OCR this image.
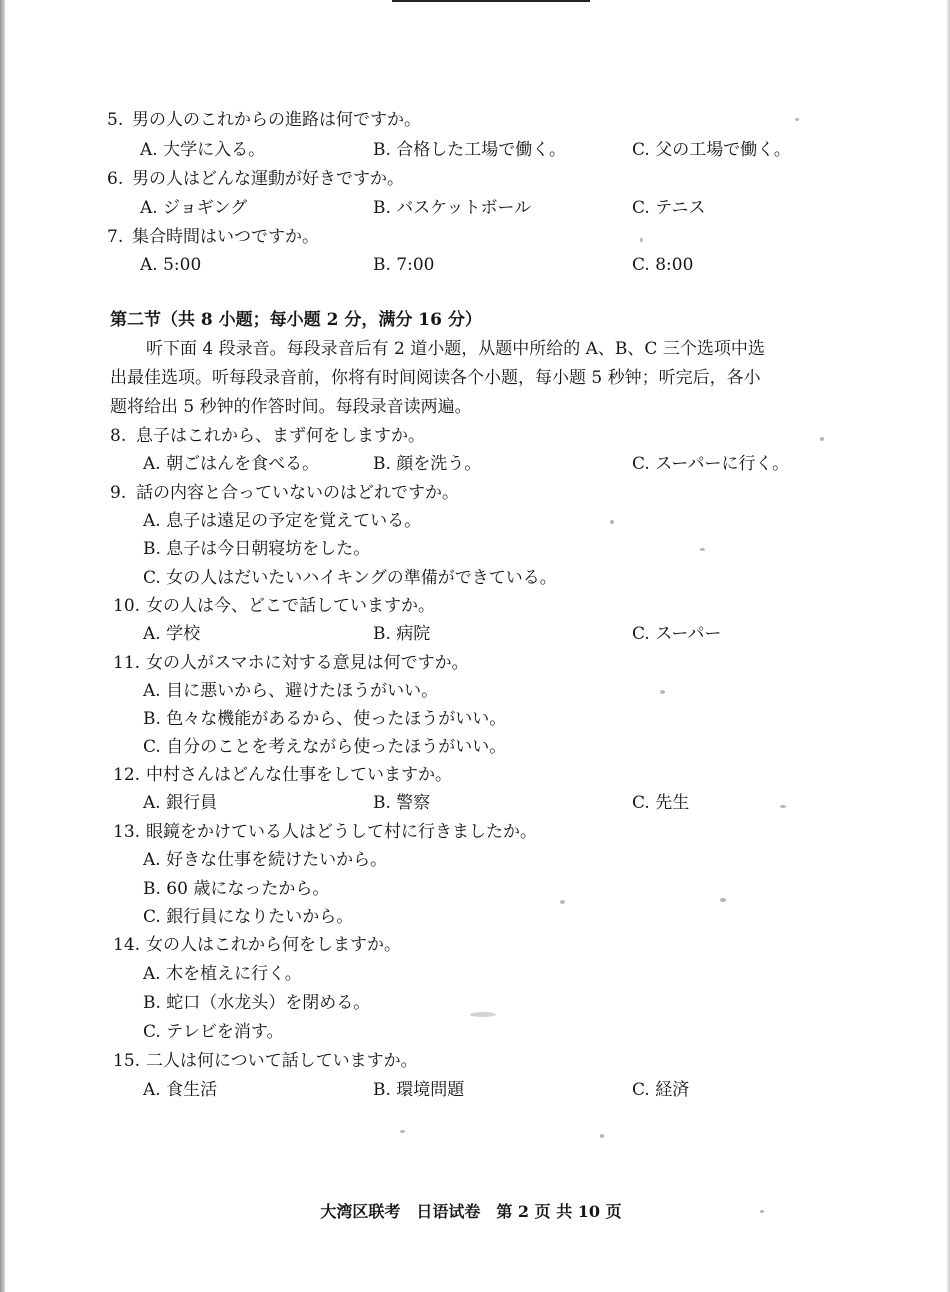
5. 男の人のこれからの進路は何ですか。
A. 大学に入る。	B. 合格した工場で働く。	C. 父の工場で働く。
6. 男の人はどんな運動が好きですか。
A. ジョギング	B. バスケットボール	C. テニス
7. 集合時間はいつですか。
A. 5:00	B. 7:00	C. 8:00
第二节（共 8 小题；每小题 2 分，满分 16 分）
听下面 4 段录音。每段录音后有 2 道小题，从题中所给的 A、B、C 三个选项中选
出最佳选项。听每段录音前，你将有时间阅读各个小题，每小题 5 秒钟；听完后，各小
题将给出 5 秒钟的作答时间。每段录音读两遍。
8. 息子はこれから、まず何をしますか。
A. 朝ごはんを食べる。	B. 顔を洗う。	C. スーパーに行く。
9. 話の内容と合っていないのはどれですか。
A. 息子は遠足の予定を覚えている。
B. 息子は今日朝寝坊をした。
C. 女の人はだいたいハイキングの準備ができている。
10. 女の人は今、どこで話していますか。
A. 学校	B. 病院	C. スーパー
11. 女の人がスマホに対する意見は何ですか。
A. 目に悪いから、避けたほうがいい。
B. 色々な機能があるから、使ったほうがいい。
C. 自分のことを考えながら使ったほうがいい。
12. 中村さんはどんな仕事をしていますか。
A. 銀行員	B. 警察	C. 先生
13. 眼鏡をかけている人はどうして村に行きましたか。
A. 好きな仕事を続けたいから。
B. 60 歳になったから。
C. 銀行員になりたいから。
14. 女の人はこれから何をしますか。
A. 木を植えに行く。
B. 蛇口（水龙头）を閉める。
C. テレビを消す。
15. 二人は何について話していますか。
A. 食生活	B. 環境問題	C. 経済
大湾区联考　日语试卷　第 2 页 共 10 页
